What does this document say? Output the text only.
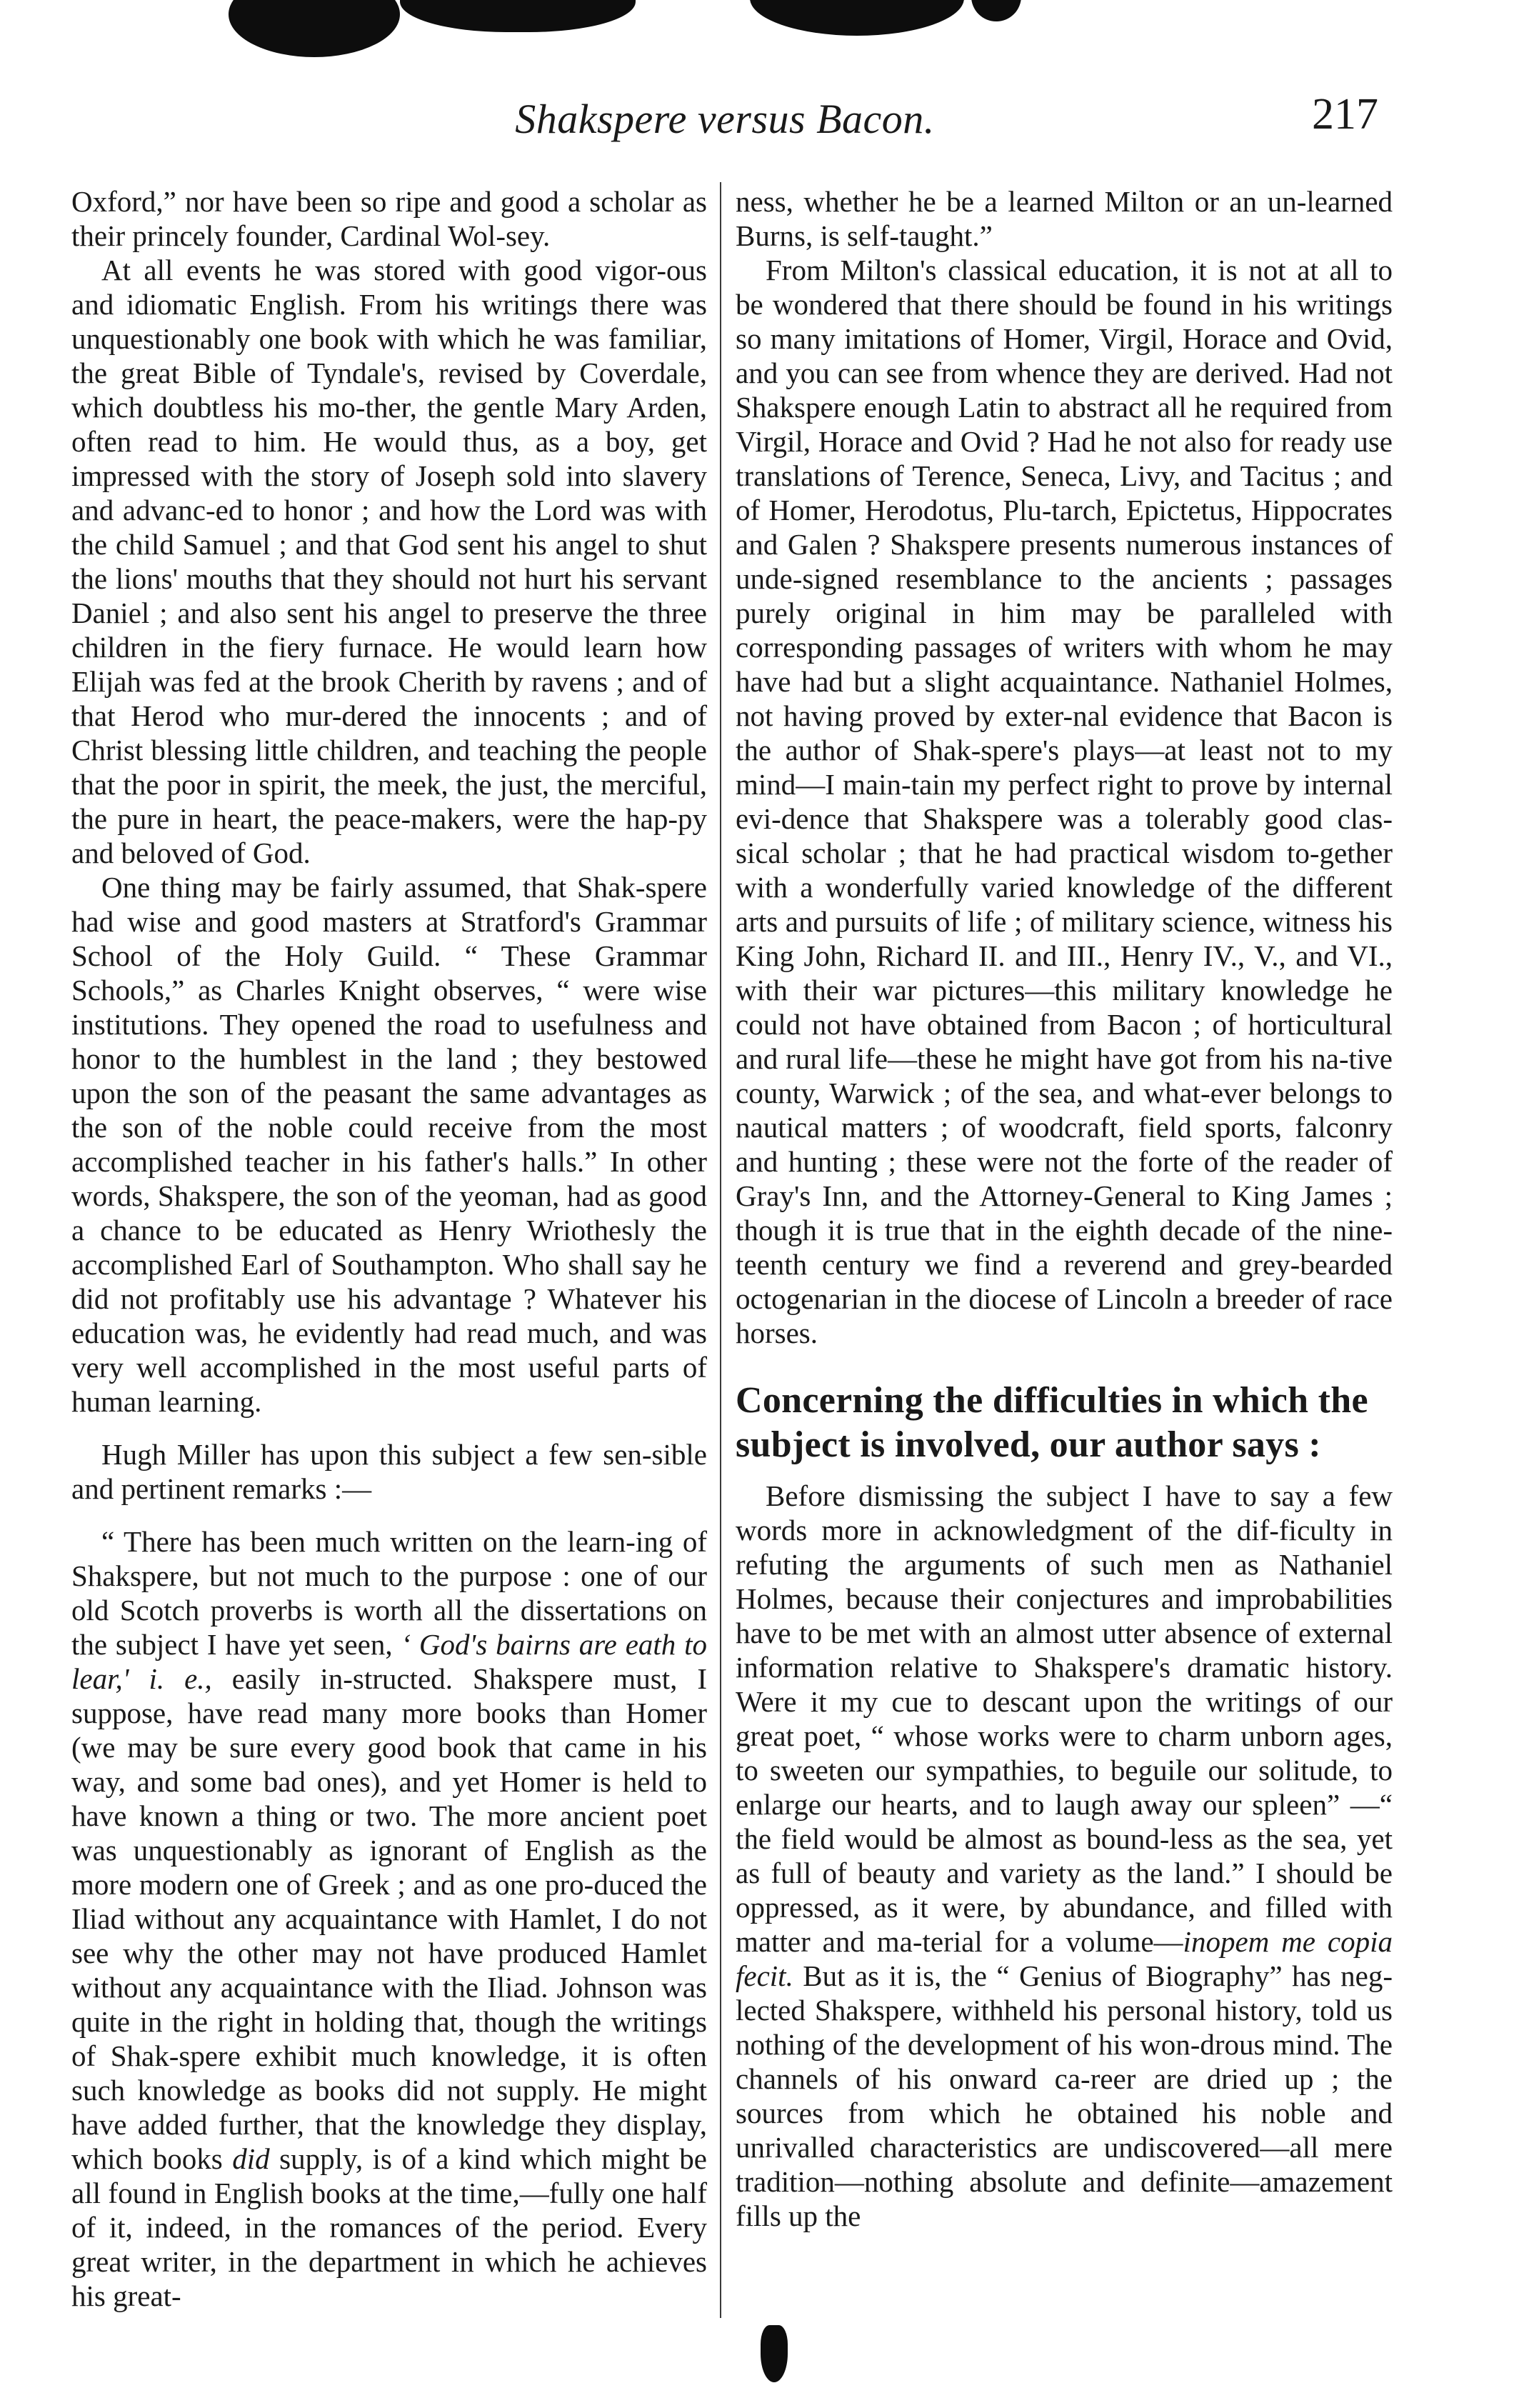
Shakspere versus Bacon.	217

Oxford,” nor have been so ripe and good a scholar as their princely founder, Cardinal Wol-sey.

At all events he was stored with good vigor-ous and idiomatic English. From his writings there was unquestionably one book with which he was familiar, the great Bible of Tyndale's, revised by Coverdale, which doubtless his mo-ther, the gentle Mary Arden, often read to him. He would thus, as a boy, get impressed with the story of Joseph sold into slavery and advanc-ed to honor ; and how the Lord was with the child Samuel ; and that God sent his angel to shut the lions' mouths that they should not hurt his servant Daniel ; and also sent his angel to preserve the three children in the fiery furnace. He would learn how Elijah was fed at the brook Cherith by ravens ; and of that Herod who mur-dered the innocents ; and of Christ blessing little children, and teaching the people that the poor in spirit, the meek, the just, the merciful, the pure in heart, the peace-makers, were the hap-py and beloved of God.

One thing may be fairly assumed, that Shak-spere had wise and good masters at Stratford's Grammar School of the Holy Guild. “ These Grammar Schools,” as Charles Knight observes, “ were wise institutions. They opened the road to usefulness and honor to the humblest in the land ; they bestowed upon the son of the peasant the same advantages as the son of the noble could receive from the most accomplished teacher in his father's halls.” In other words, Shakspere, the son of the yeoman, had as good a chance to be educated as Henry Wriothesly the accomplished Earl of Southampton. Who shall say he did not profitably use his advantage ? Whatever his education was, he evidently had read much, and was very well accomplished in the most useful parts of human learning.

Hugh Miller has upon this subject a few sen-sible and pertinent remarks :—

“ There has been much written on the learn-ing of Shakspere, but not much to the purpose : one of our old Scotch proverbs is worth all the dissertations on the subject I have yet seen, ‘ God's bairns are eath to lear,' i. e., easily in-structed. Shakspere must, I suppose, have read many more books than Homer (we may be sure every good book that came in his way, and some bad ones), and yet Homer is held to have known a thing or two. The more ancient poet was unquestionably as ignorant of English as the more modern one of Greek ; and as one pro-duced the Iliad without any acquaintance with Hamlet, I do not see why the other may not have produced Hamlet without any acquaintance with the Iliad. Johnson was quite in the right in holding that, though the writings of Shak-spere exhibit much knowledge, it is often such knowledge as books did not supply. He might have added further, that the knowledge they display, which books did supply, is of a kind which might be all found in English books at the time,—fully one half of it, indeed, in the romances of the period. Every great writer, in the department in which he achieves his great-

ness, whether he be a learned Milton or an un-learned Burns, is self-taught.”

From Milton's classical education, it is not at all to be wondered that there should be found in his writings so many imitations of Homer, Virgil, Horace and Ovid, and you can see from whence they are derived. Had not Shakspere enough Latin to abstract all he required from Virgil, Horace and Ovid ? Had he not also for ready use translations of Terence, Seneca, Livy, and Tacitus ; and of Homer, Herodotus, Plu-tarch, Epictetus, Hippocrates and Galen ? Shakspere presents numerous instances of unde-signed resemblance to the ancients ; passages purely original in him may be paralleled with corresponding passages of writers with whom he may have had but a slight acquaintance. Nathaniel Holmes, not having proved by exter-nal evidence that Bacon is the author of Shak-spere's plays—at least not to my mind—I main-tain my perfect right to prove by internal evi-dence that Shakspere was a tolerably good clas-sical scholar ; that he had practical wisdom to-gether with a wonderfully varied knowledge of the different arts and pursuits of life ; of military science, witness his King John, Richard II. and III., Henry IV., V., and VI., with their war pictures—this military knowledge he could not have obtained from Bacon ; of horticultural and rural life—these he might have got from his na-tive county, Warwick ; of the sea, and what-ever belongs to nautical matters ; of woodcraft, field sports, falconry and hunting ; these were not the forte of the reader of Gray's Inn, and the Attorney-General to King James ; though it is true that in the eighth decade of the nine-teenth century we find a reverend and grey-bearded octogenarian in the diocese of Lincoln a breeder of race horses.

Concerning the difficulties in which the subject is involved, our author says :

Before dismissing the subject I have to say a few words more in acknowledgment of the dif-ficulty in refuting the arguments of such men as Nathaniel Holmes, because their conjectures and improbabilities have to be met with an almost utter absence of external information relative to Shakspere's dramatic history. Were it my cue to descant upon the writings of our great poet, “ whose works were to charm unborn ages, to sweeten our sympathies, to beguile our solitude, to enlarge our hearts, and to laugh away our spleen” —“ the field would be almost as bound-less as the sea, yet as full of beauty and variety as the land.” I should be oppressed, as it were, by abundance, and filled with matter and ma-terial for a volume—inopem me copia fecit. But as it is, the “ Genius of Biography” has neg-lected Shakspere, withheld his personal history, told us nothing of the development of his won-drous mind. The channels of his onward ca-reer are dried up ; the sources from which he obtained his noble and unrivalled characteristics are undiscovered—all mere tradition—nothing absolute and definite—amazement fills up the
